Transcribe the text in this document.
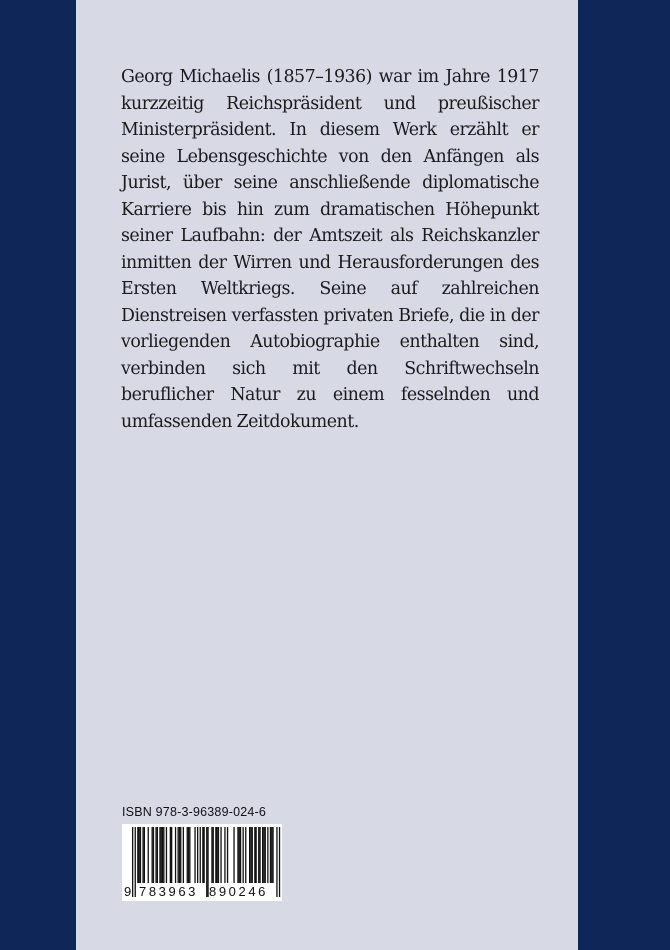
Georg Michaelis (1857–1936) war im Jahre 1917 kurzzeitig Reichspräsident und preußischer Ministerpräsident. In diesem Werk erzählt er seine Lebensgeschichte von den Anfängen als Jurist, über seine anschließende diplomatische Karriere bis hin zum dramatischen Höhepunkt seiner Laufbahn: der Amtszeit als Reichskanzler inmitten der Wirren und Herausforderungen des Ersten Weltkriegs. Seine auf zahlreichen Dienstreisen verfassten privaten Briefe, die in der vorliegenden Autobiographie enthalten sind, verbinden sich mit den Schriftwechseln beruflicher Natur zu einem fesselnden und umfassenden Zeitdokument.

ISBN 978-3-96389-024-6
9 783963 890246
